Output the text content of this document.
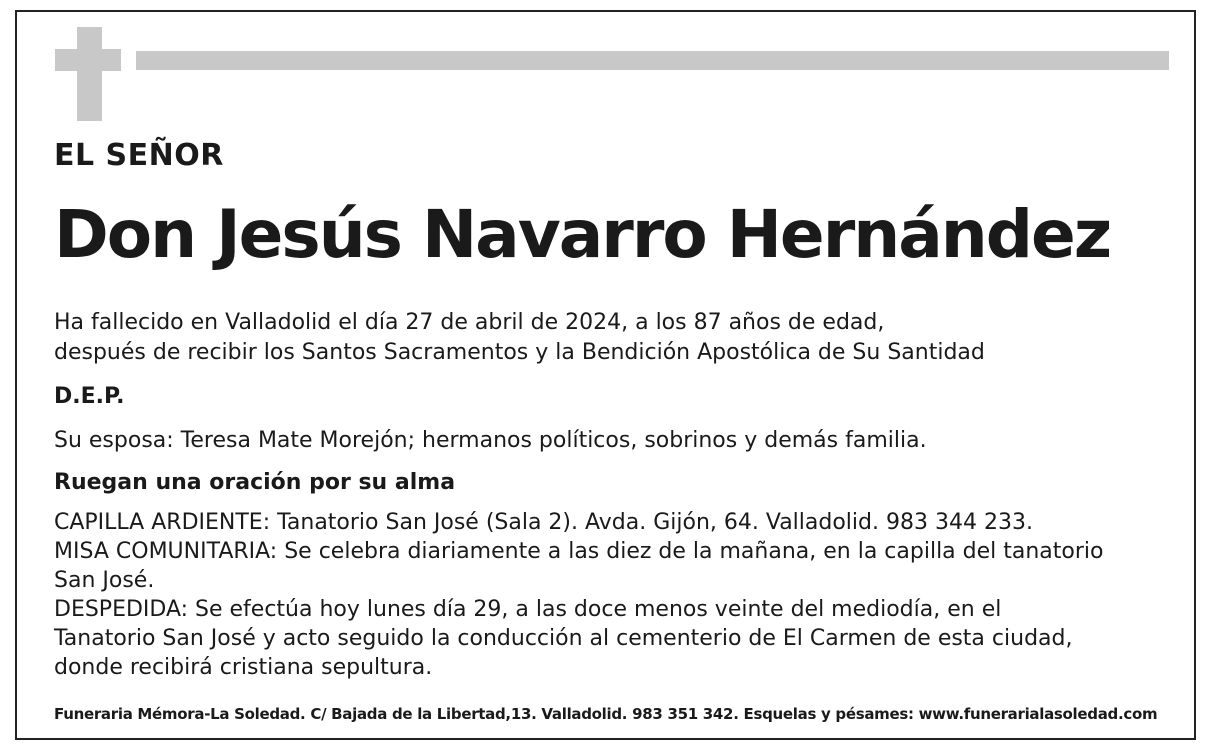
EL SEÑOR
Don Jesús Navarro Hernández
Ha fallecido en Valladolid el día 27 de abril de 2024, a los 87 años de edad,
después de recibir los Santos Sacramentos y la Bendición Apostólica de Su Santidad
D.E.P.
Su esposa: Teresa Mate Morejón; hermanos políticos, sobrinos y demás familia.
Ruegan una oración por su alma
CAPILLA ARDIENTE: Tanatorio San José (Sala 2). Avda. Gijón, 64. Valladolid. 983 344 233.
MISA COMUNITARIA: Se celebra diariamente a las diez de la mañana, en la capilla del tanatorio
San José.
DESPEDIDA: Se efectúa hoy lunes día 29, a las doce menos veinte del mediodía, en el
Tanatorio San José y acto seguido la conducción al cementerio de El Carmen de esta ciudad,
donde recibirá cristiana sepultura.
Funeraria Mémora-La Soledad. C/ Bajada de la Libertad,13. Valladolid. 983 351 342. Esquelas y pésames: www.funerarialasoledad.com
